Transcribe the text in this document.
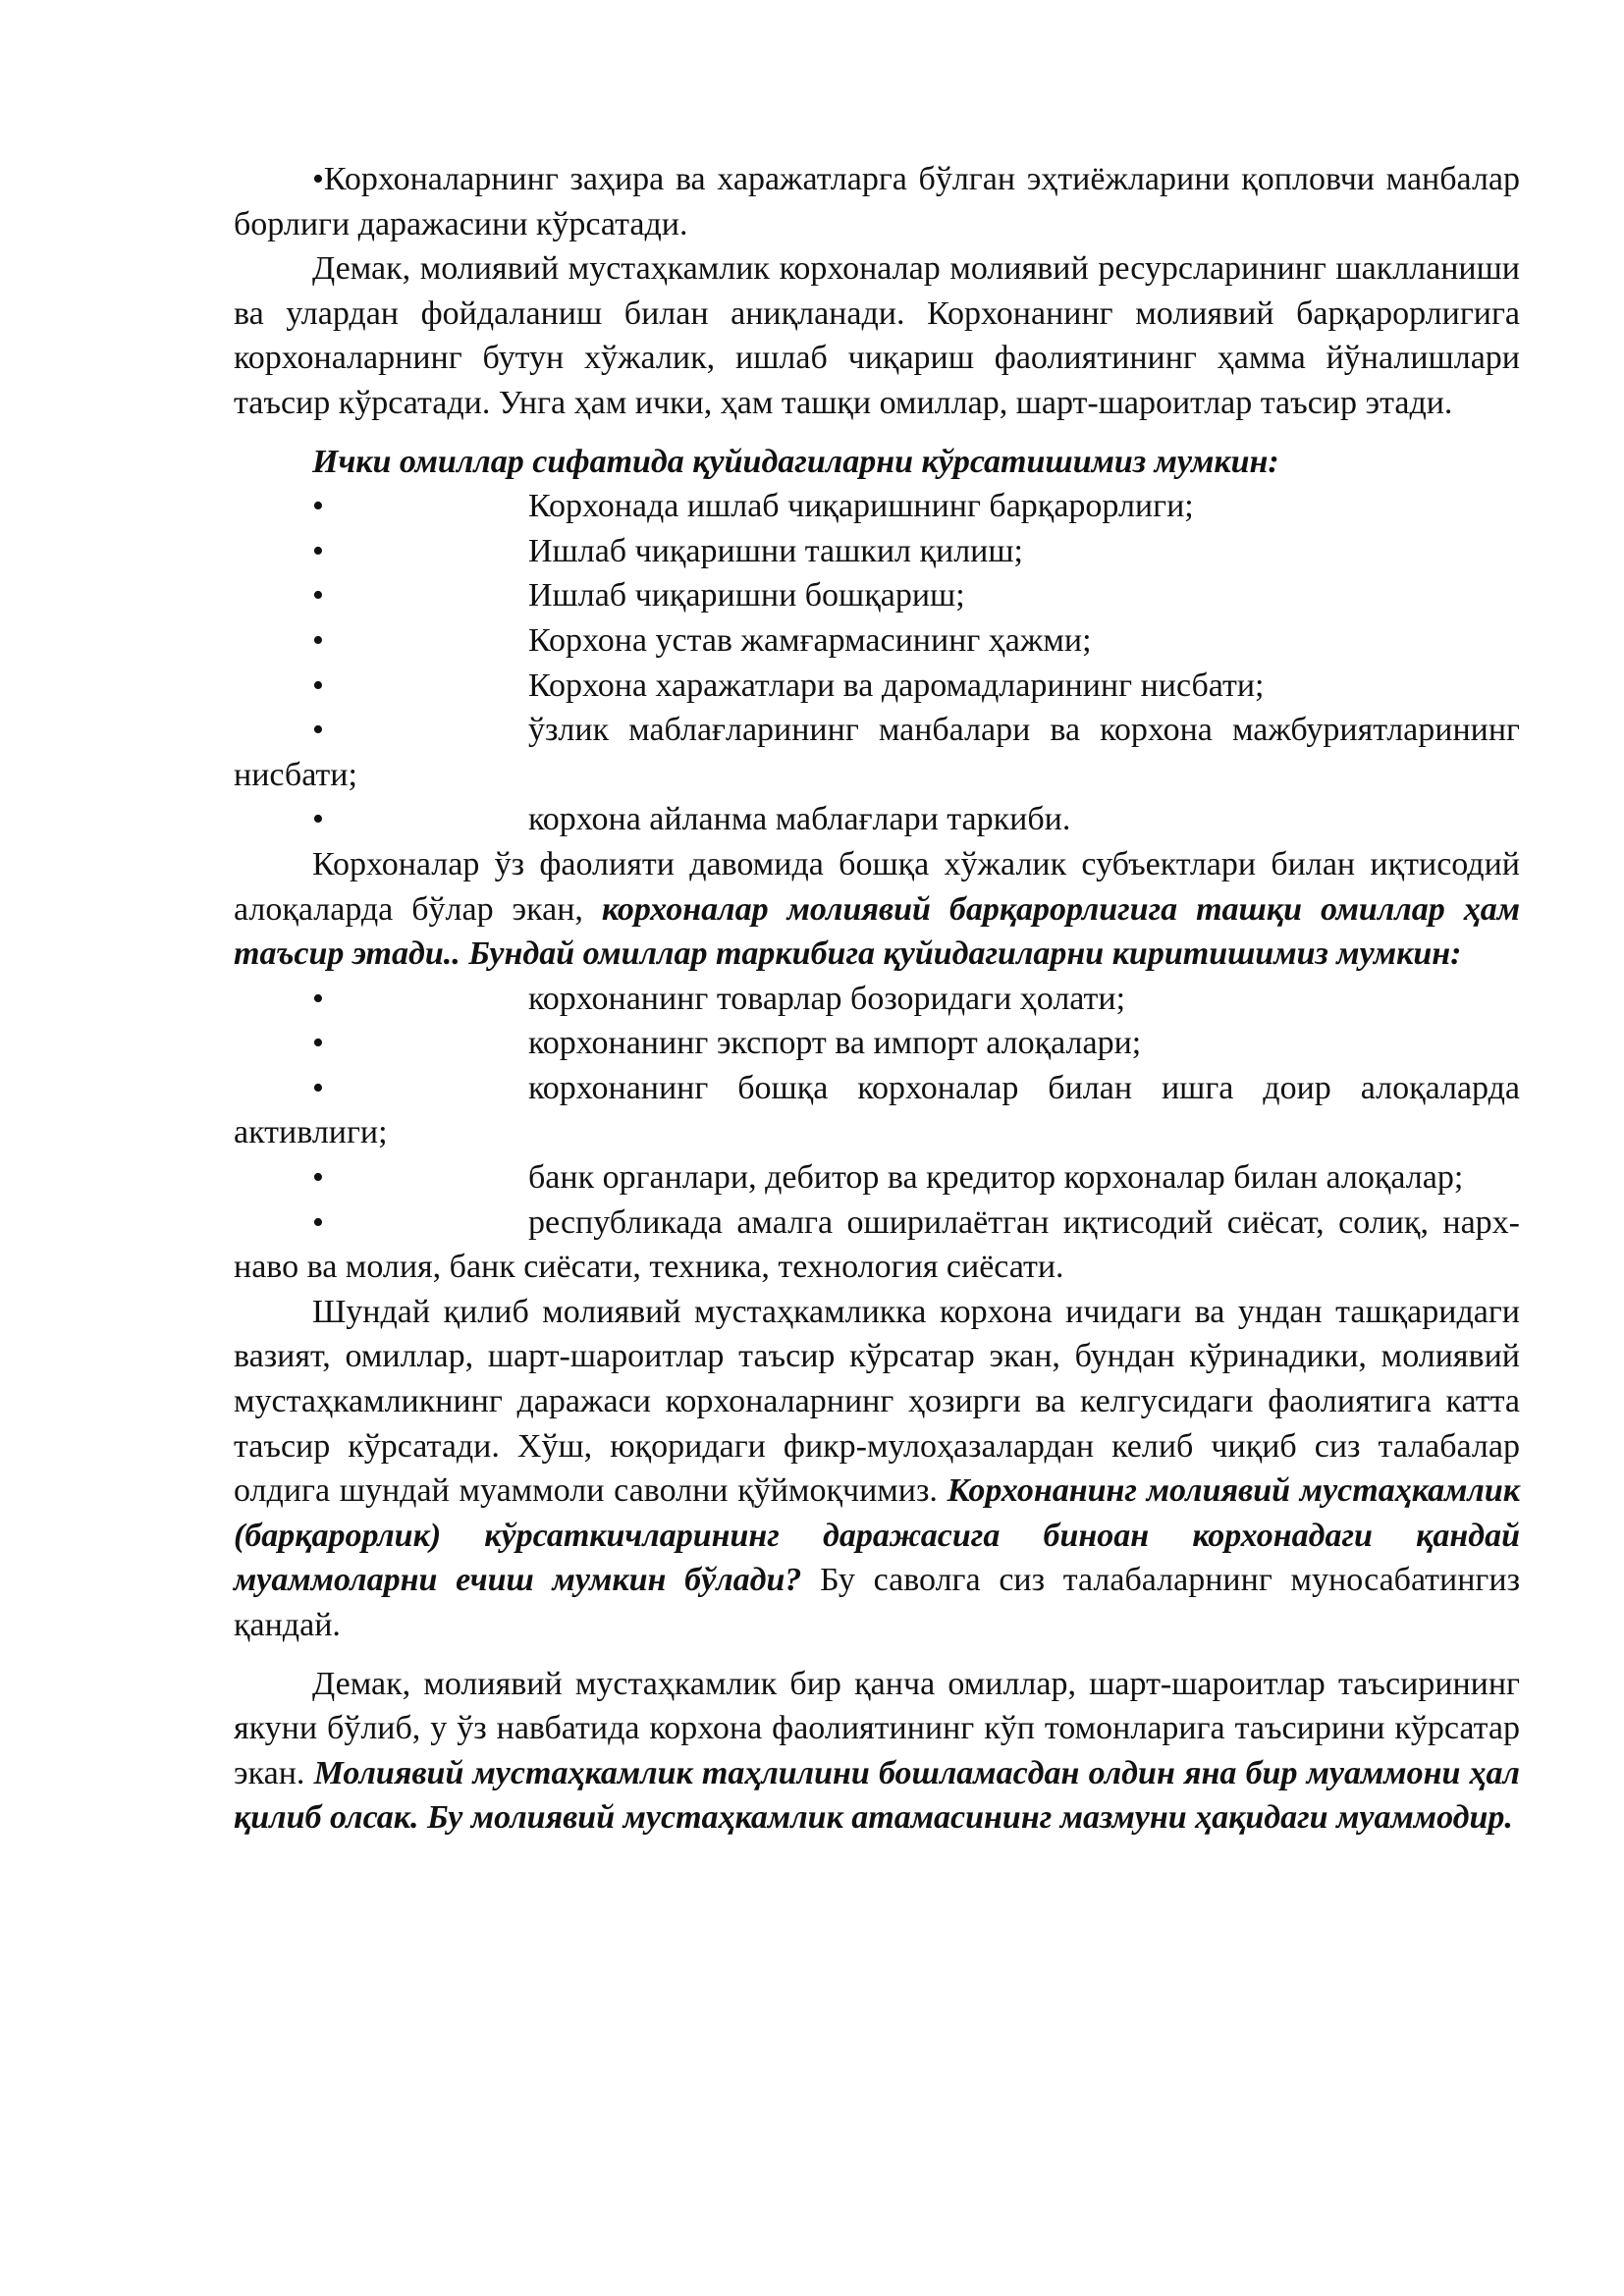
•Корхоналарнинг заҳира ва харажатларга бўлган эҳтиёжларини қопловчи манбалар борлиги даражасини кўрсатади.

Демак, молиявий мустаҳкамлик корхоналар молиявий ресурсларининг шаклланиши ва улардан фойдаланиш билан аниқланади. Корхонанинг молиявий барқарорлигига корхоналарнинг бутун хўжалик, ишлаб чиқариш фаолиятининг ҳамма йўналишлари таъсир кўрсатади. Унга ҳам ички, ҳам ташқи омиллар, шарт-шароитлар таъсир этади.

Ички омиллар сифатида қуйидагиларни кўрсатишимиз мумкин:

•	Корхонада ишлаб чиқаришнинг барқарорлиги;
•	Ишлаб чиқаришни ташкил қилиш;
•	Ишлаб чиқаришни бошқариш;
•	Корхона устав жамғармасининг ҳажми;
•	Корхона харажатлари ва даромадларининг нисбати;
•	ўзлик маблағларининг манбалари ва корхона мажбуриятларининг нисбати;
•	корхона айланма маблағлари таркиби.

Корхоналар ўз фаолияти давомида бошқа хўжалик субъектлари билан иқтисодий алоқаларда бўлар экан, корхоналар молиявий барқарорлигига ташқи омиллар ҳам таъсир этади.. Бундай омиллар таркибига қуйидагиларни киритишимиз мумкин:

•	корхонанинг товарлар бозоридаги ҳолати;
•	корхонанинг экспорт ва импорт алоқалари;
•	корхонанинг бошқа корхоналар билан ишга доир алоқаларда активлиги;
•	банк органлари, дебитор ва кредитор корхоналар билан алоқалар;
•	республикада амалга оширилаётган иқтисодий сиёсат, солиқ, нарх-наво ва молия, банк сиёсати, техника, технология сиёсати.

Шундай қилиб молиявий мустаҳкамликка корхона ичидаги ва ундан ташқаридаги вазият, омиллар, шарт-шароитлар таъсир кўрсатар экан, бундан кўринадики, молиявий мустаҳкамликнинг даражаси корхоналарнинг ҳозирги ва келгусидаги фаолиятига катта таъсир кўрсатади. Хўш, юқоридаги фикр-мулоҳазалардан келиб чиқиб сиз талабалар олдига шундай муаммоли саволни қўймоқчимиз. Корхонанинг молиявий мустаҳкамлик (барқарорлик) кўрсаткичларининг даражасига биноан корхонадаги қандай муаммоларни ечиш мумкин бўлади? Бу саволга сиз талабаларнинг муносабатингиз қандай.

Демак, молиявий мустаҳкамлик бир қанча омиллар, шарт-шароитлар таъсирининг якуни бўлиб, у ўз навбатида корхона фаолиятининг кўп томонларига таъсирини кўрсатар экан. Молиявий мустаҳкамлик таҳлилини бошламасдан олдин яна бир муаммони ҳал қилиб олсак. Бу молиявий мустаҳкамлик атамасининг мазмуни ҳақидаги муаммодир.
